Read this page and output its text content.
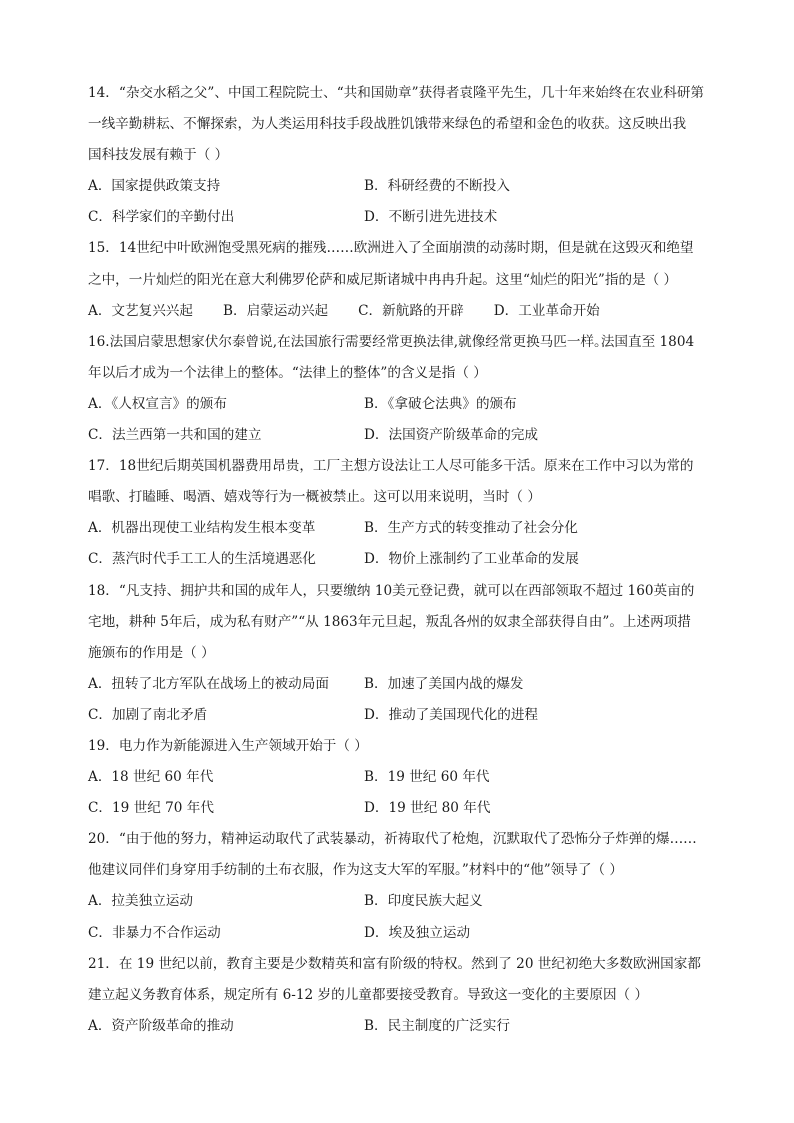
14．“杂交水稻之父”、中国工程院院士、“共和国勋章”获得者袁隆平先生，几十年来始终在农业科研第
一线辛勤耕耘、不懈探索，为人类运用科技手段战胜饥饿带来绿色的希望和金色的收获。这反映出我
国科技发展有赖于（ ）
A．国家提供政策支持	B．科研经费的不断投入
C．科学家们的辛勤付出	D．不断引进先进技术
15．14世纪中叶欧洲饱受黑死病的摧残……欧洲进入了全面崩溃的动荡时期，但是就在这毁灭和绝望
之中，一片灿烂的阳光在意大利佛罗伦萨和威尼斯诸城中冉冉升起。这里“灿烂的阳光”指的是（ ）
A．文艺复兴兴起 B．启蒙运动兴起 C．新航路的开辟 D．工业革命开始
16.法国启蒙思想家伏尔泰曾说,在法国旅行需要经常更换法律,就像经常更换马匹一样｡法国直至 1804
年以后才成为一个法律上的整体。“法律上的整体”的含义是指（ ）
A．《人权宣言》的颁布	B．《拿破仑法典》的颁布
C．法兰西第一共和国的建立	D．法国资产阶级革命的完成
17．18世纪后期英国机器费用昂贵，工厂主想方设法让工人尽可能多干活。原来在工作中习以为常的
唱歌、打瞌睡、喝酒、嬉戏等行为一概被禁止。这可以用来说明，当时（ ）
A．机器出现使工业结构发生根本变革	B．生产方式的转变推动了社会分化
C．蒸汽时代手工工人的生活境遇恶化	D．物价上涨制约了工业革命的发展
18．“凡支持、拥护共和国的成年人，只要缴纳 10美元登记费，就可以在西部领取不超过 160英亩的
宅地，耕种 5年后，成为私有财产”“从 1863年元旦起，叛乱各州的奴隶全部获得自由”。上述两项措
施颁布的作用是（ ）
A．扭转了北方军队在战场上的被动局面	B．加速了美国内战的爆发
C．加剧了南北矛盾	D．推动了美国现代化的进程
19．电力作为新能源进入生产领域开始于（ ）
A．18 世纪 60 年代	B．19 世纪 60 年代
C．19 世纪 70 年代	D．19 世纪 80 年代
20．“由于他的努力，精神运动取代了武装暴动，祈祷取代了枪炮，沉默取代了恐怖分子炸弹的爆……
他建议同伴们身穿用手纺制的土布衣服，作为这支大军的军服。”材料中的“他”领导了（ ）
A．拉美独立运动	B．印度民族大起义
C．非暴力不合作运动	D．埃及独立运动
21．在 19 世纪以前，教育主要是少数精英和富有阶级的特权。然到了 20 世纪初绝大多数欧洲国家都
建立起义务教育体系，规定所有 6-12 岁的儿童都要接受教育。导致这一变化的主要原因（ ）
A．资产阶级革命的推动	B．民主制度的广泛实行
